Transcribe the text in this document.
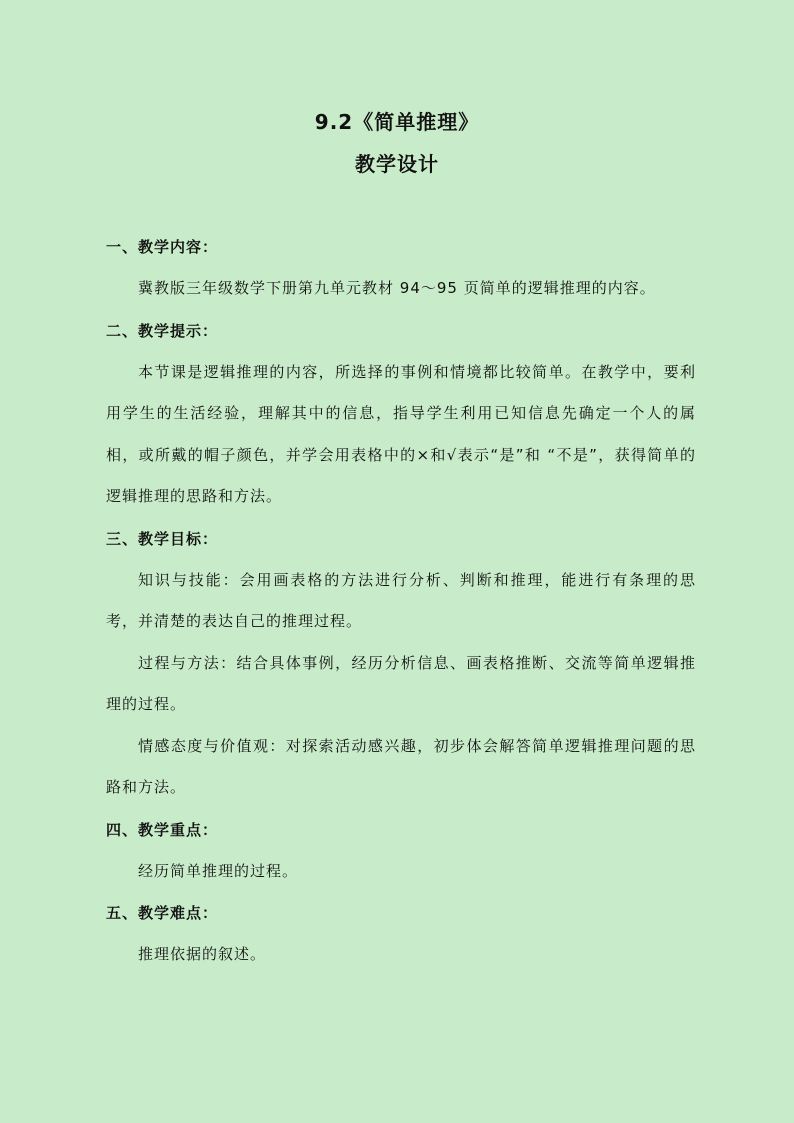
9.2《简单推理》
教学设计
一、教学内容：
冀教版三年级数学下册第九单元教材 94～95 页简单的逻辑推理的内容。
二、教学提示：
本节课是逻辑推理的内容，所选择的事例和情境都比较简单。在教学中，要利用学生的生活经验，理解其中的信息，指导学生利用已知信息先确定一个人的属相，或所戴的帽子颜色，并学会用表格中的×和√表示“是”和 “不是”，获得简单的逻辑推理的思路和方法。
三、教学目标：
知识与技能：会用画表格的方法进行分析、判断和推理，能进行有条理的思考，并清楚的表达自己的推理过程。
过程与方法：结合具体事例，经历分析信息、画表格推断、交流等简单逻辑推理的过程。
情感态度与价值观：对探索活动感兴趣，初步体会解答简单逻辑推理问题的思路和方法。
四、教学重点：
经历简单推理的过程。
五、教学难点：
推理依据的叙述。
